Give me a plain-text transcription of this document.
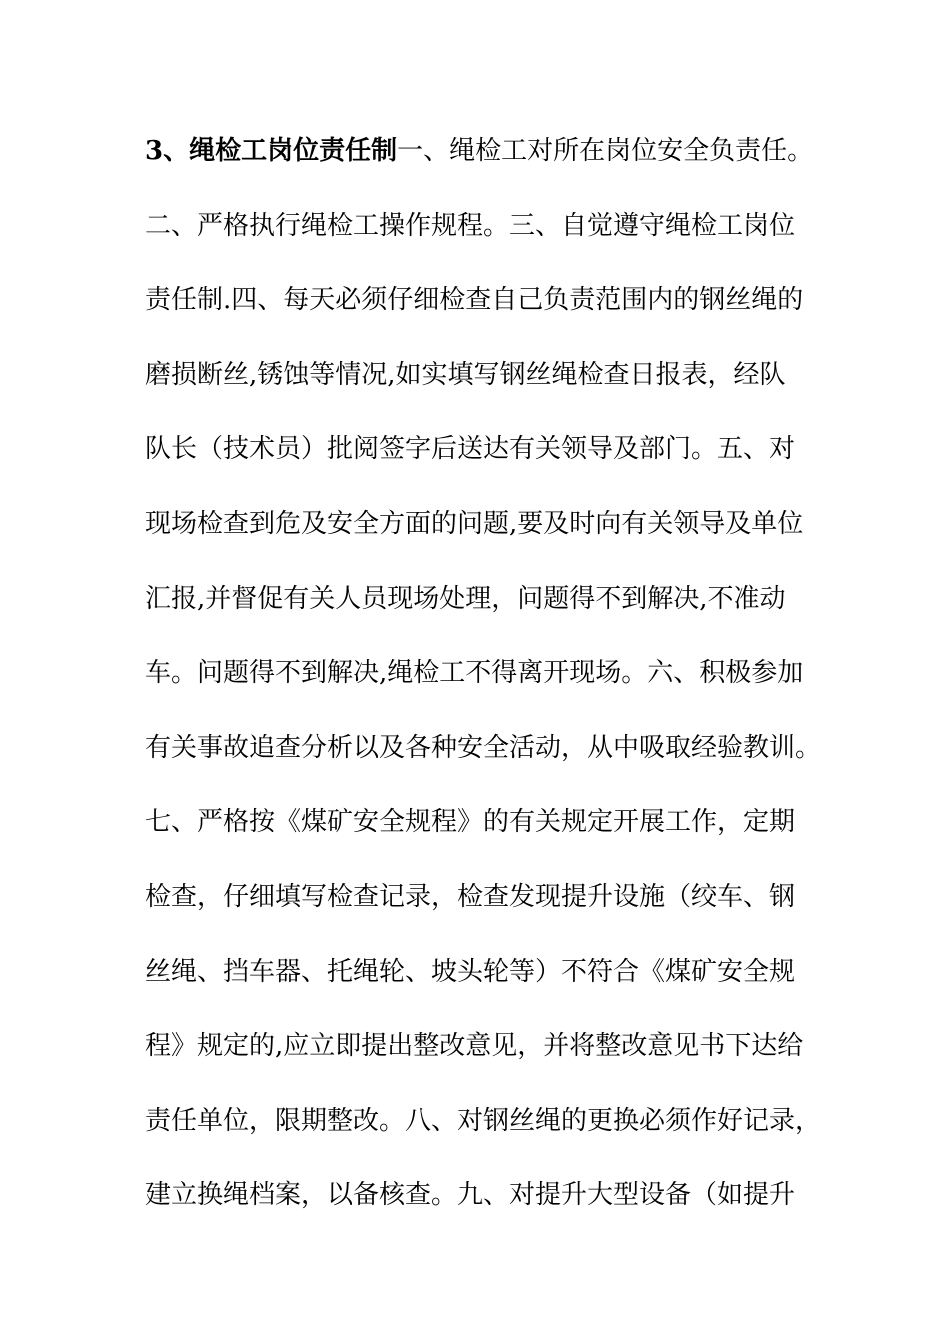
3、绳检工岗位责任制一、绳检工对所在岗位安全负责任。
二、严格执行绳检工操作规程。三、自觉遵守绳检工岗位
责任制.四、每天必须仔细检查自己负责范围内的钢丝绳的
磨损断丝,锈蚀等情况,如实填写钢丝绳检查日报表，经队
队长（技术员）批阅签字后送达有关领导及部门。五、对
现场检查到危及安全方面的问题,要及时向有关领导及单位
汇报,并督促有关人员现场处理，问题得不到解决,不准动
车。问题得不到解决,绳检工不得离开现场。六、积极参加
有关事故追查分析以及各种安全活动，从中吸取经验教训。
七、严格按《煤矿安全规程》的有关规定开展工作，定期
检查，仔细填写检查记录，检查发现提升设施（绞车、钢
丝绳、挡车器、托绳轮、坡头轮等）不符合《煤矿安全规
程》规定的,应立即提出整改意见，并将整改意见书下达给
责任单位，限期整改。八、对钢丝绳的更换必须作好记录，
建立换绳档案，以备核查。九、对提升大型设备（如提升
